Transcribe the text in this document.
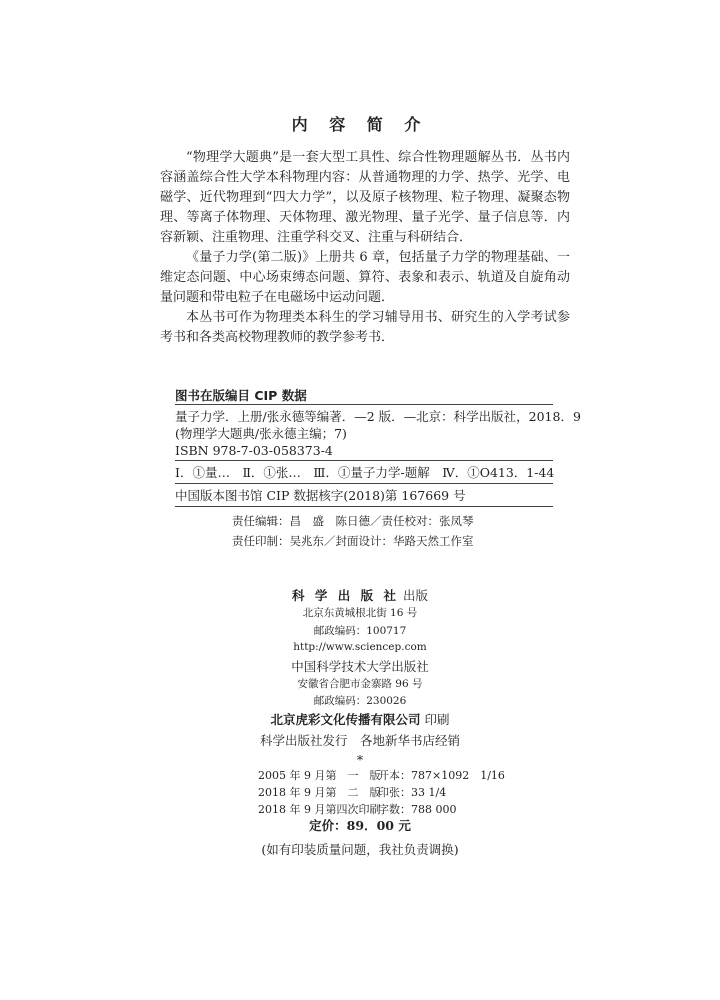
内 容 简 介

“物理学大题典”是一套大型工具性、综合性物理题解丛书．丛书内容涵盖综合性大学本科物理内容：从普通物理的力学、热学、光学、电磁学、近代物理到“四大力学”，以及原子核物理、粒子物理、凝聚态物理、等离子体物理、天体物理、激光物理、量子光学、量子信息等．内容新颖、注重物理、注重学科交叉、注重与科研结合．

《量子力学(第二版)》上册共 6 章，包括量子力学的物理基础、一维定态问题、中心场束缚态问题、算符、表象和表示、轨道及自旋角动量问题和带电粒子在电磁场中运动问题．

本丛书可作为物理类本科生的学习辅导用书、研究生的入学考试参考书和各类高校物理教师的教学参考书．

图书在版编目 CIP 数据
量子力学．上册/张永德等编著．—2 版．—北京：科学出版社，2018．9
(物理学大题典/张永德主编；7)
ISBN 978-7-03-058373-4
Ⅰ．①量…　Ⅱ．①张…　Ⅲ．①量子力学-题解　Ⅳ．①O413．1-44
中国版本图书馆 CIP 数据核字(2018)第 167669 号
责任编辑：昌　盛　陈日德／责任校对：张凤琴
责任印制：吴兆东／封面设计：华路天然工作室
科 学 出 版 社 出版
北京东黄城根北街 16 号
邮政编码：100717
http://www.sciencep.com
中国科学技术大学出版社
安徽省合肥市金寨路 96 号
邮政编码：230026
北京虎彩文化传播有限公司 印刷
科学出版社发行　各地新华书店经销
*
2005 年 9 月第　一　版开本：787×1092　1/16
2018 年 9 月第　二　版印张：33 1/4
2018 年 9 月第四次印刷字数：788 000
定价：89．00 元
(如有印装质量问题，我社负责调换)
